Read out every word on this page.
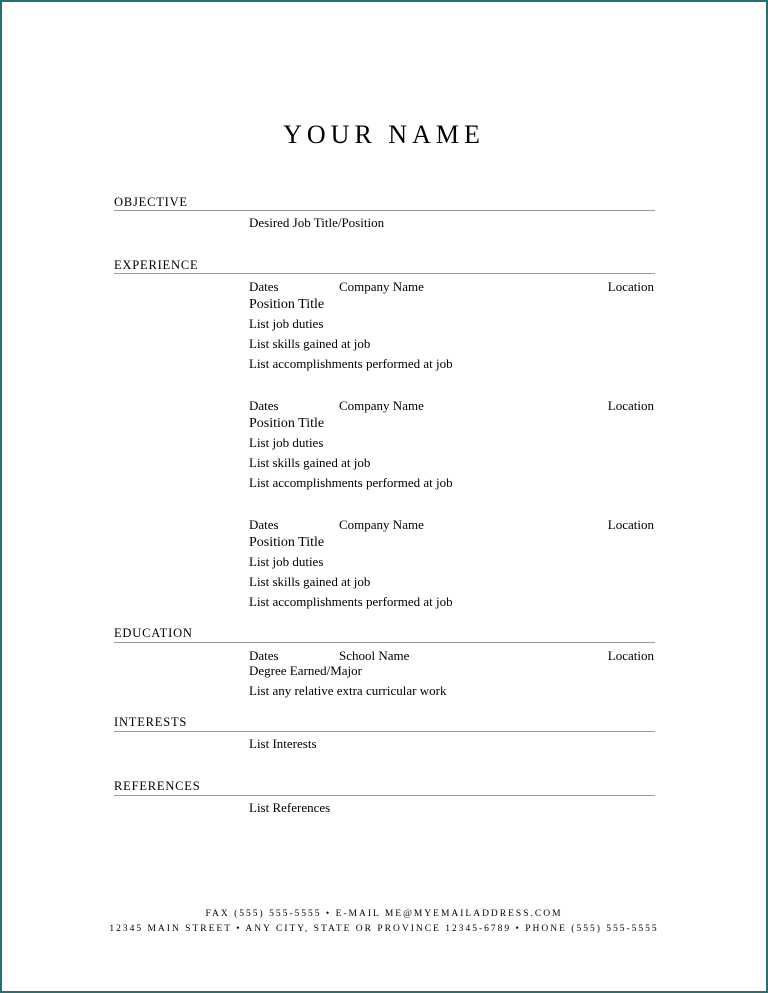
YOUR NAME
OBJECTIVE
Desired Job Title/Position
EXPERIENCE
Dates	Company Name	Location
Position Title
List job duties
List skills gained at job
List accomplishments performed at job
Dates	Company Name	Location
Position Title
List job duties
List skills gained at job
List accomplishments performed at job
Dates	Company Name	Location
Position Title
List job duties
List skills gained at job
List accomplishments performed at job
EDUCATION
Dates	School Name	Location
Degree Earned/Major
List any relative extra curricular work
INTERESTS
List Interests
REFERENCES
List References
FAX (555) 555-5555 • E-MAIL ME@MYEMAILADDRESS.COM
12345 MAIN STREET • ANY CITY, STATE OR PROVINCE 12345-6789 • PHONE (555) 555-5555
